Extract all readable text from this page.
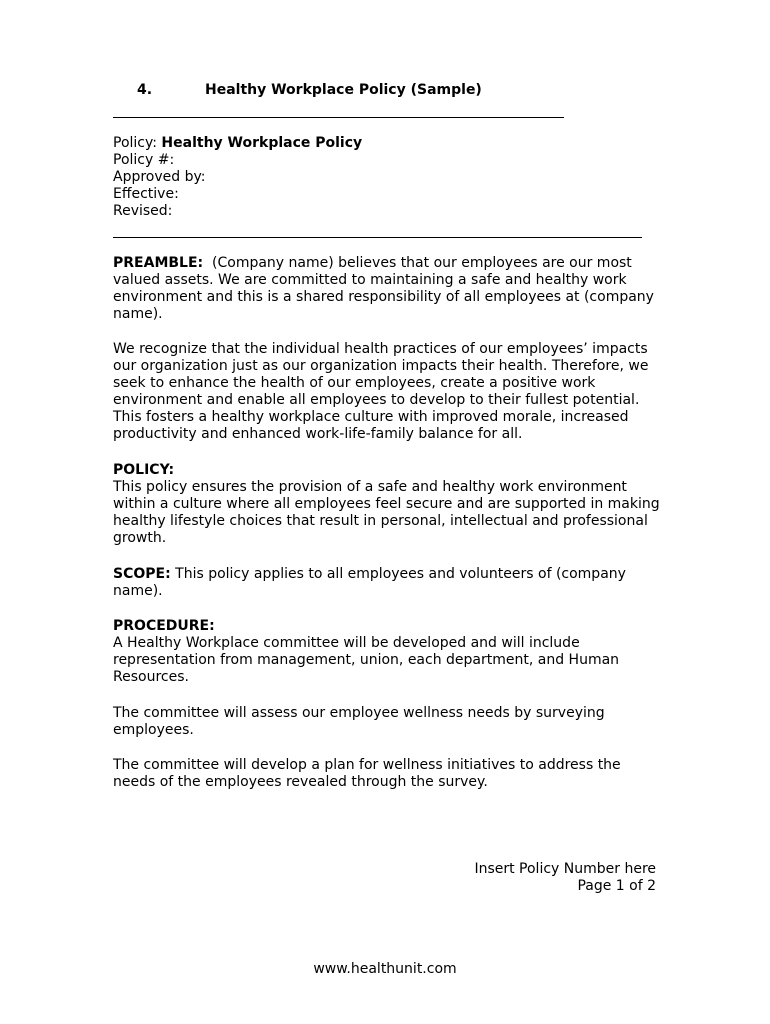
4.	Healthy Workplace Policy (Sample)
Policy: Healthy Workplace Policy
Policy #:
Approved by:
Effective:
Revised:
PREAMBLE:  (Company name) believes that our employees are our most
valued assets. We are committed to maintaining a safe and healthy work
environment and this is a shared responsibility of all employees at (company
name).
We recognize that the individual health practices of our employees’ impacts
our organization just as our organization impacts their health. Therefore, we
seek to enhance the health of our employees, create a positive work
environment and enable all employees to develop to their fullest potential.
This fosters a healthy workplace culture with improved morale, increased
productivity and enhanced work-life-family balance for all.
POLICY:
This policy ensures the provision of a safe and healthy work environment
within a culture where all employees feel secure and are supported in making
healthy lifestyle choices that result in personal, intellectual and professional
growth.
SCOPE: This policy applies to all employees and volunteers of (company
name).
PROCEDURE:
A Healthy Workplace committee will be developed and will include
representation from management, union, each department, and Human
Resources.
The committee will assess our employee wellness needs by surveying
employees.
The committee will develop a plan for wellness initiatives to address the
needs of the employees revealed through the survey.
Insert Policy Number here
Page 1 of 2
www.healthunit.com
